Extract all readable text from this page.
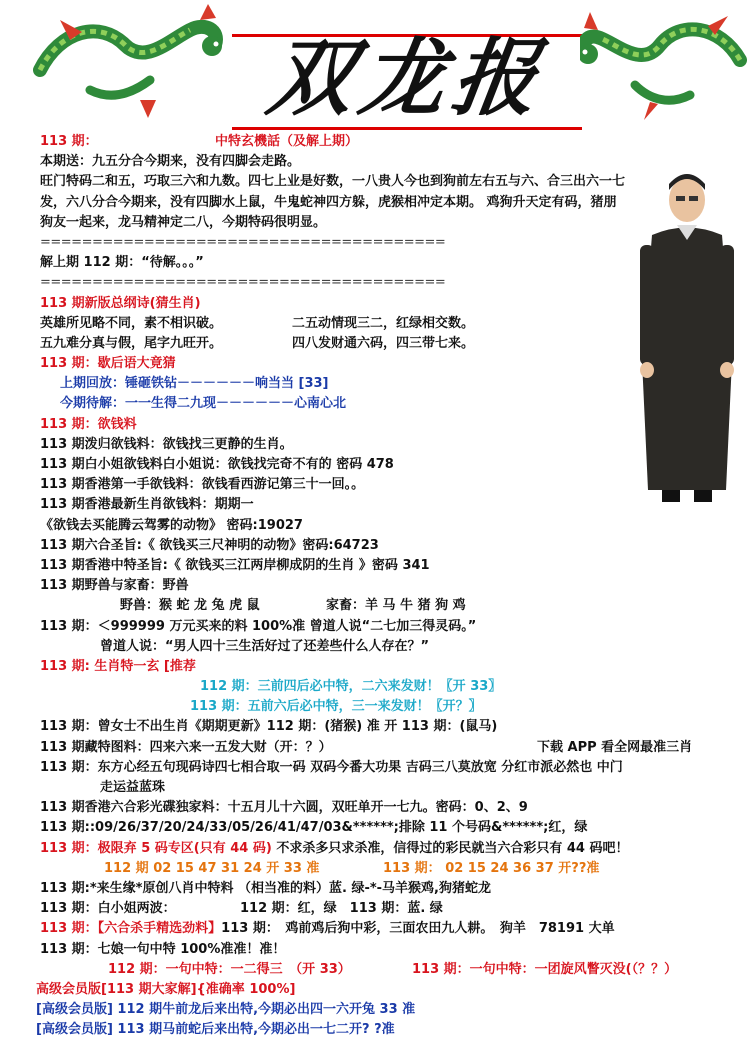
双龙报
113 期：	中特玄機話（及解上期）
本期送：九五分合今期来，没有四脚会走路。
旺门特码二和五，巧取三六和九数。四七上业是好数，一八贵人今也到狗前左右五与六、合三出六一七
发，六八分合今期来，没有四脚水上鼠，牛鬼蛇神四方躲，虎猴相冲定本期。 鸡狗升天定有码，猪朋
狗友一起来，龙马精神定二八，今期特码很明显。
=======================================
解上期 112 期：“待解。。。”
=======================================
113 期新版总纲诗(猜生肖)
英雄所见略不同，素不相识破。	二五动情现三二，红绿相交数。
五九难分真与假，尾字九旺开。	四八发财通六码，四三带七来。
113 期：歇后语大竟猜
上期回放：锤砸铁钻－－－－－－响当当 [33]
今期待解：一一生得二九现－－－－－－心南心北
113 期：欲钱料
113 期泼归欲钱料：欲钱找三更静的生肖。
113 期白小姐欲钱料白小姐说：欲钱找完奇不有的 密码 478
113 期香港第一手欲钱料：欲钱看西游记第三十一回。。
113 期香港最新生肖欲钱料：期期一
《欲钱去买能腾云驾雾的动物》 密码:19027
113 期六合圣旨:《 欲钱买三尺神明的动物》密码:64723
113 期香港中特圣旨:《 欲钱买三江两岸柳成阴的生肖 》密码 341
113 期野兽与家畜：野兽
野兽：猴 蛇 龙 兔 虎 鼠	家畜：羊 马 牛 猪 狗 鸡
113 期：＜999999 万元买来的料 100%准 曾道人说“二七加三得灵码。”
曾道人说：“男人四十三生活好过了还差些什么人存在？”
113 期: 生肖特一玄 [推荐
112 期：三前四后必中特，二六来发财！〖开 33〗
113 期：五前六后必中特，三一来发财！〖开？〗
113 期：曾女士不出生肖《期期更新》112 期：(猪猴) 准 开 113 期：(鼠马)
113 期藏特图料：四来六来一五发大财（开：？）	下载 APP 看全网最准三肖
113 期：东方心经五句现码诗四七相合取一码 双码今番大功果 吉码三八莫放宽 分红市派必然也 中门
走运益蓝珠
113 期香港六合彩光碟独家料：十五月儿十六圆，双旺单开一七九。密码：0、2、9
113 期::09/26/37/20/24/33/05/26/41/47/03&******;排除 11 个号码&******;红，绿
113 期：极限弃 5 码专区(只有 44 码) 不求杀多只求杀准，信得过的彩民就当六合彩只有 44 码吧！
112 期 02 15 47 31 24 开 33 准	113 期： 02 15 24 36 37 开??准
113 期:*来生缘*原创八肖中特料 （相当准的料）蓝. 绿-*-马羊猴鸡,狗猪蛇龙
113 期：白小姐两波：	112 期：红，绿　113 期：蓝. 绿
113 期：【六合杀手精选劲料】113 期：　鸡前鸡后狗中彩，三面农田九人耕。　狗羊　78191 大单
113 期：七娘一句中特 100%准准！准！
112 期：一句中特：一二得三　（开 33）	113 期：一句中特：一团旋风瞥灭没(（？？）
高级会员版[113 期大家解]{准确率 100%]
[高级会员版] 112 期牛前龙后来出特,今期必出四一六开兔 33 准
[高级会员版] 113 期马前蛇后来出特,今期必出一七二开? ?准
